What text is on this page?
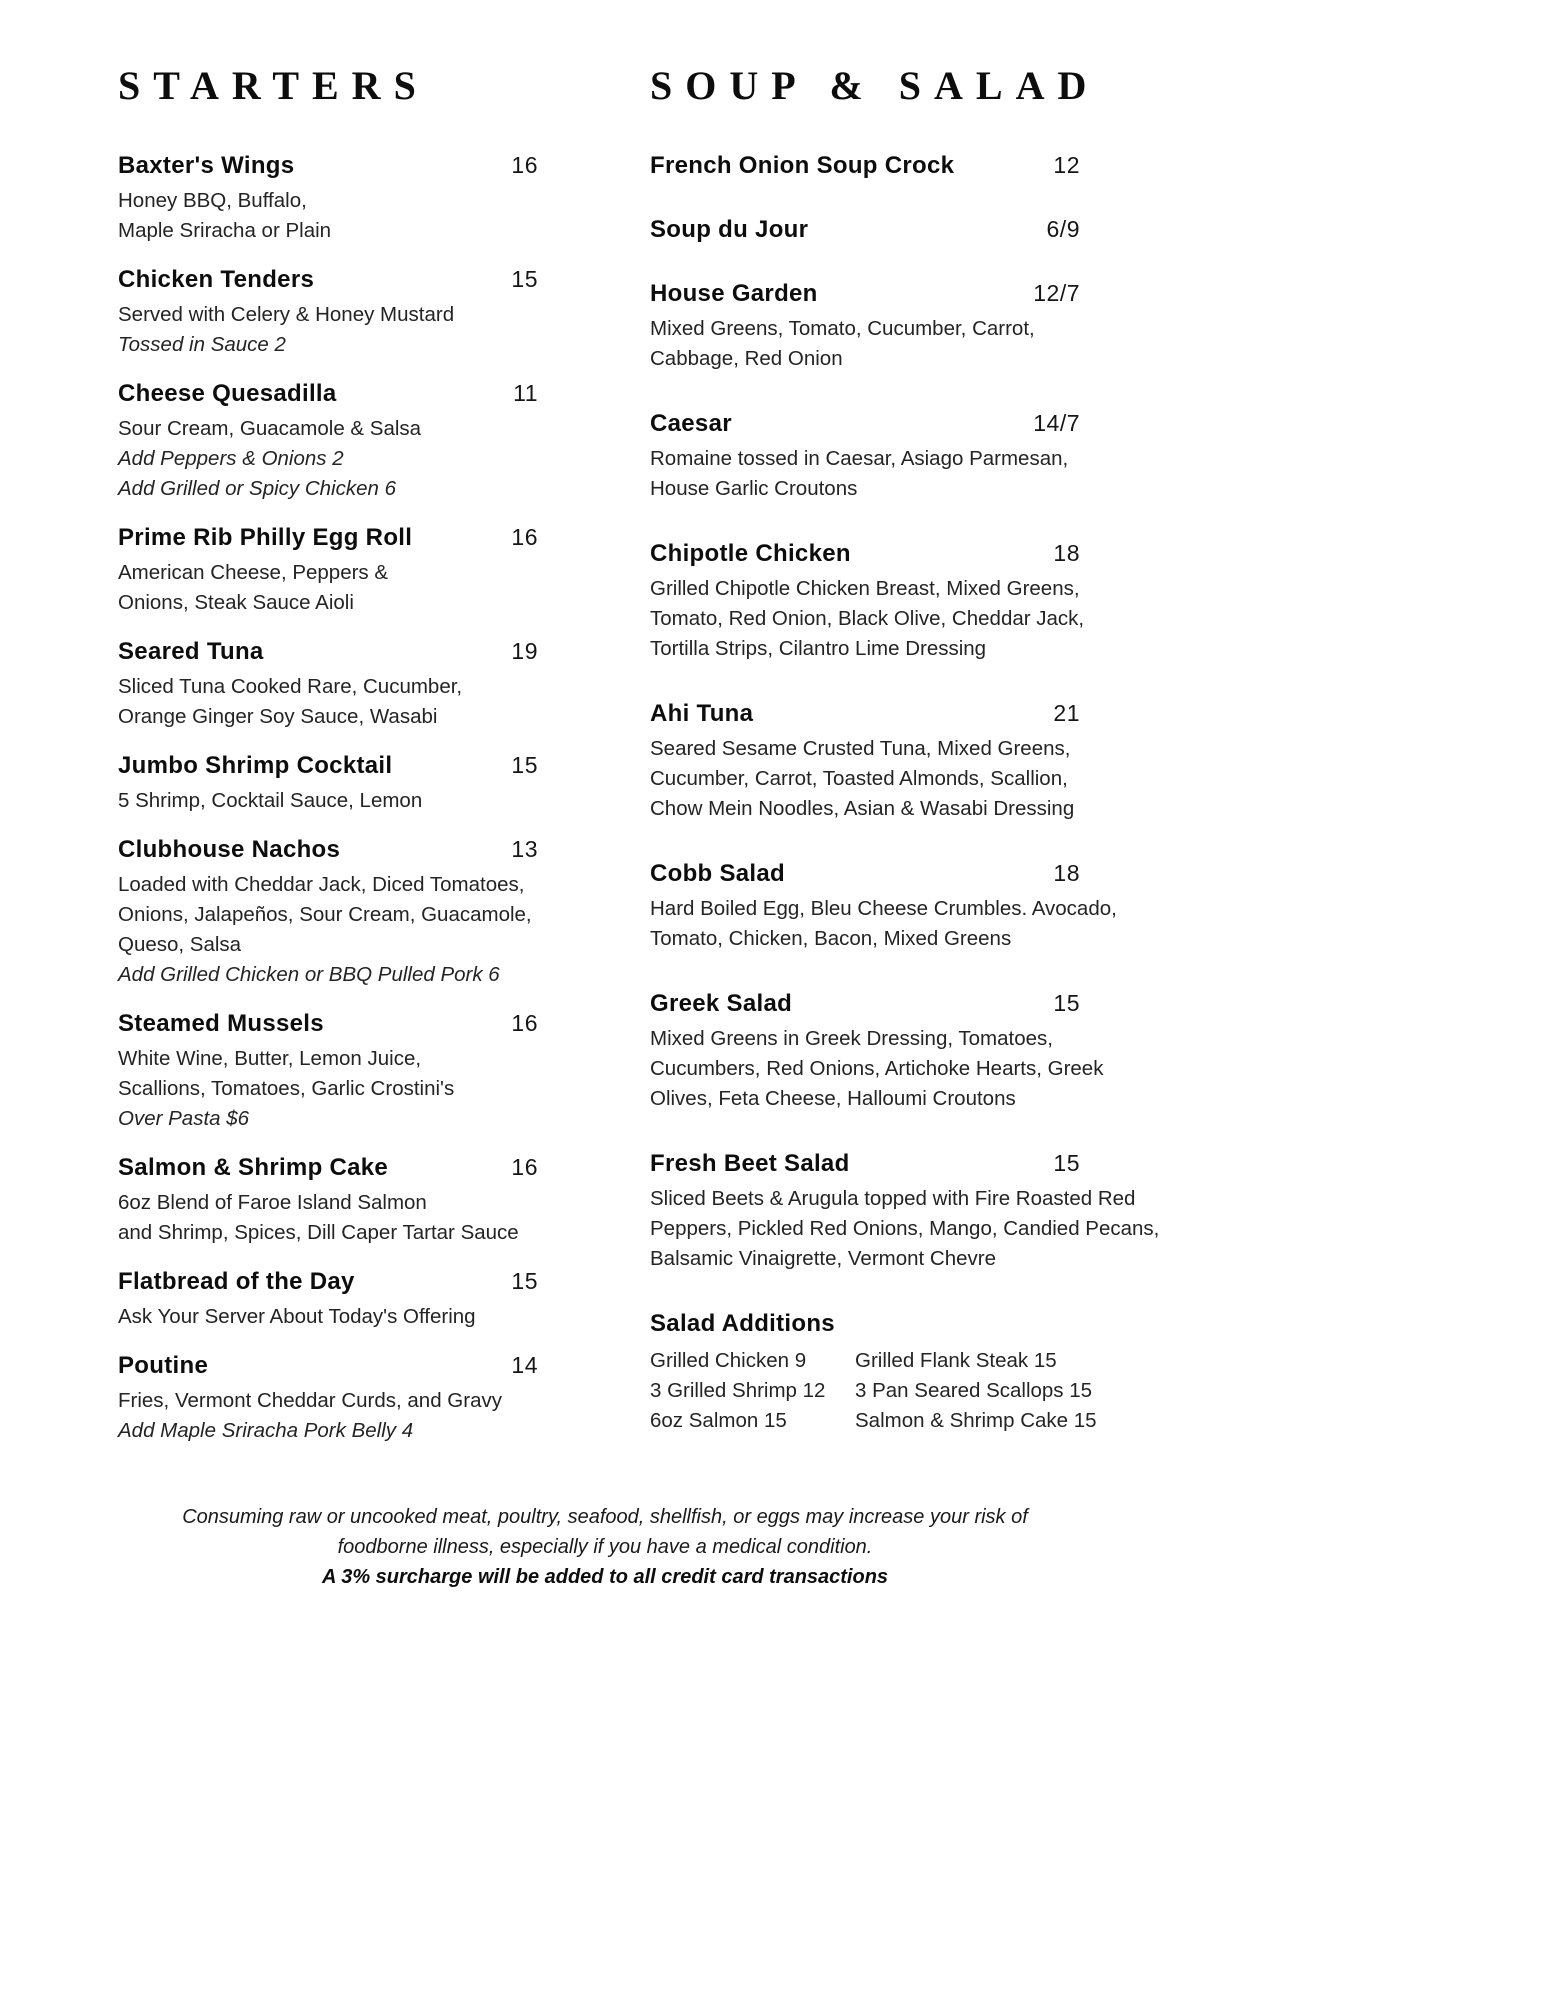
STARTERS
Baxter's Wings	16
Honey BBQ, Buffalo,
Maple Sriracha or Plain
Chicken Tenders	15
Served with Celery & Honey Mustard
Tossed in Sauce 2
Cheese Quesadilla	11
Sour Cream, Guacamole & Salsa
Add Peppers & Onions 2
Add Grilled or Spicy Chicken 6
Prime Rib Philly Egg Roll	16
American Cheese, Peppers &
Onions, Steak Sauce Aioli
Seared Tuna	19
Sliced Tuna Cooked Rare, Cucumber,
Orange Ginger Soy Sauce, Wasabi
Jumbo Shrimp Cocktail	15
5 Shrimp, Cocktail Sauce, Lemon
Clubhouse Nachos	13
Loaded with Cheddar Jack, Diced Tomatoes,
Onions, Jalapeños, Sour Cream, Guacamole,
Queso, Salsa
Add Grilled Chicken or BBQ Pulled Pork 6
Steamed Mussels	16
White Wine, Butter, Lemon Juice,
Scallions, Tomatoes, Garlic Crostini's
Over Pasta $6
Salmon & Shrimp Cake	16
6oz Blend of Faroe Island Salmon
and Shrimp, Spices, Dill Caper Tartar Sauce
Flatbread of the Day	15
Ask Your Server About Today's Offering
Poutine	14
Fries, Vermont Cheddar Curds, and Gravy
Add Maple Sriracha Pork Belly 4
SOUP & SALAD
French Onion Soup Crock	12
Soup du Jour	6/9
House Garden	12/7
Mixed Greens, Tomato, Cucumber, Carrot,
Cabbage, Red Onion
Caesar	14/7
Romaine tossed in Caesar, Asiago Parmesan,
House Garlic Croutons
Chipotle Chicken	18
Grilled Chipotle Chicken Breast, Mixed Greens,
Tomato, Red Onion, Black Olive, Cheddar Jack,
Tortilla Strips, Cilantro Lime Dressing
Ahi Tuna	21
Seared Sesame Crusted Tuna, Mixed Greens,
Cucumber, Carrot, Toasted Almonds, Scallion,
Chow Mein Noodles, Asian & Wasabi Dressing
Cobb Salad	18
Hard Boiled Egg, Bleu Cheese Crumbles. Avocado,
Tomato, Chicken, Bacon, Mixed Greens
Greek Salad	15
Mixed Greens in Greek Dressing, Tomatoes,
Cucumbers, Red Onions, Artichoke Hearts, Greek
Olives, Feta Cheese, Halloumi Croutons
Fresh Beet Salad	15
Sliced Beets & Arugula topped with Fire Roasted Red
Peppers, Pickled Red Onions, Mango, Candied Pecans,
Balsamic Vinaigrette, Vermont Chevre
Salad Additions
Grilled Chicken 9	Grilled Flank Steak 15
3 Grilled Shrimp 12	3 Pan Seared Scallops 15
6oz Salmon 15	Salmon & Shrimp Cake 15
Consuming raw or uncooked meat, poultry, seafood, shellfish, or eggs may increase your risk of
foodborne illness, especially if you have a medical condition.
A 3% surcharge will be added to all credit card transactions
